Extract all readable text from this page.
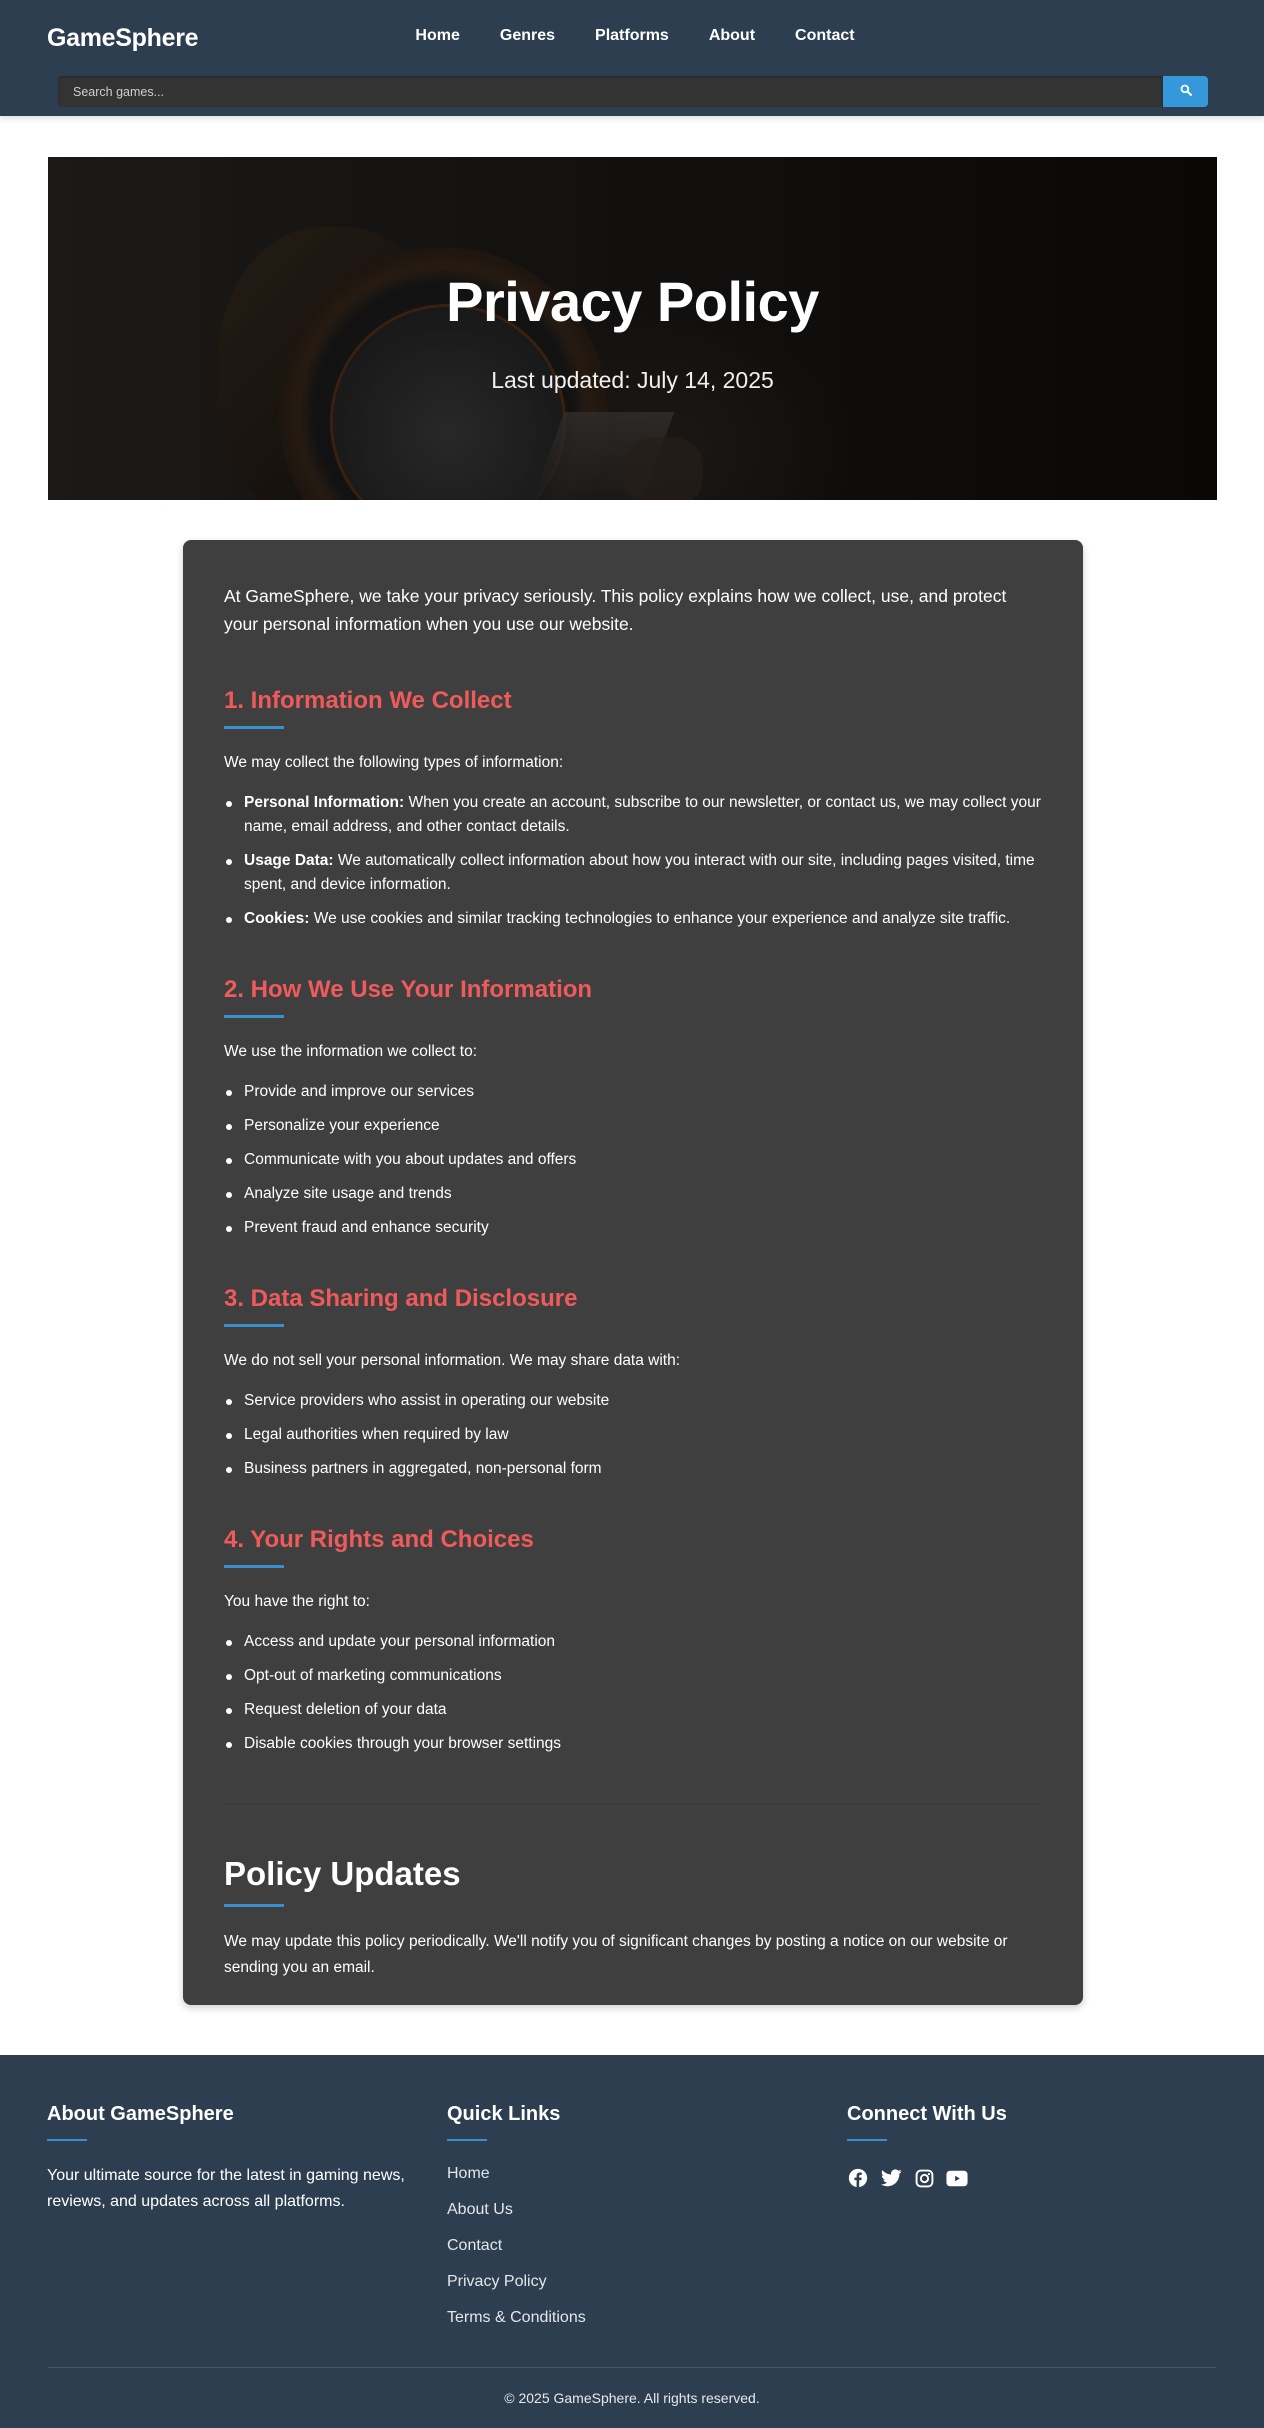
GameSphere	Home	Genres	Platforms	About	Contact
Search games...
Privacy Policy
Last updated: July 14, 2025

At GameSphere, we take your privacy seriously. This policy explains how we collect, use, and protect your personal information when you use our website.

1. Information We Collect

We may collect the following types of information:

Personal Information: When you create an account, subscribe to our newsletter, or contact us, we may collect your name, email address, and other contact details.
Usage Data: We automatically collect information about how you interact with our site, including pages visited, time spent, and device information.
Cookies: We use cookies and similar tracking technologies to enhance your experience and analyze site traffic.
2. How We Use Your Information

We use the information we collect to:

Provide and improve our services
Personalize your experience
Communicate with you about updates and offers
Analyze site usage and trends
Prevent fraud and enhance security
3. Data Sharing and Disclosure

We do not sell your personal information. We may share data with:

Service providers who assist in operating our website
Legal authorities when required by law
Business partners in aggregated, non-personal form
4. Your Rights and Choices

You have the right to:

Access and update your personal information
Opt-out of marketing communications
Request deletion of your data
Disable cookies through your browser settings
Policy Updates

We may update this policy periodically. We'll notify you of significant changes by posting a notice on our website or sending you an email.

About GameSphere

Your ultimate source for the latest in gaming news, reviews, and updates across all platforms.

Quick Links
Home
About Us
Contact
Privacy Policy
Terms & Conditions
Connect With Us
© 2025 GameSphere. All rights reserved.
